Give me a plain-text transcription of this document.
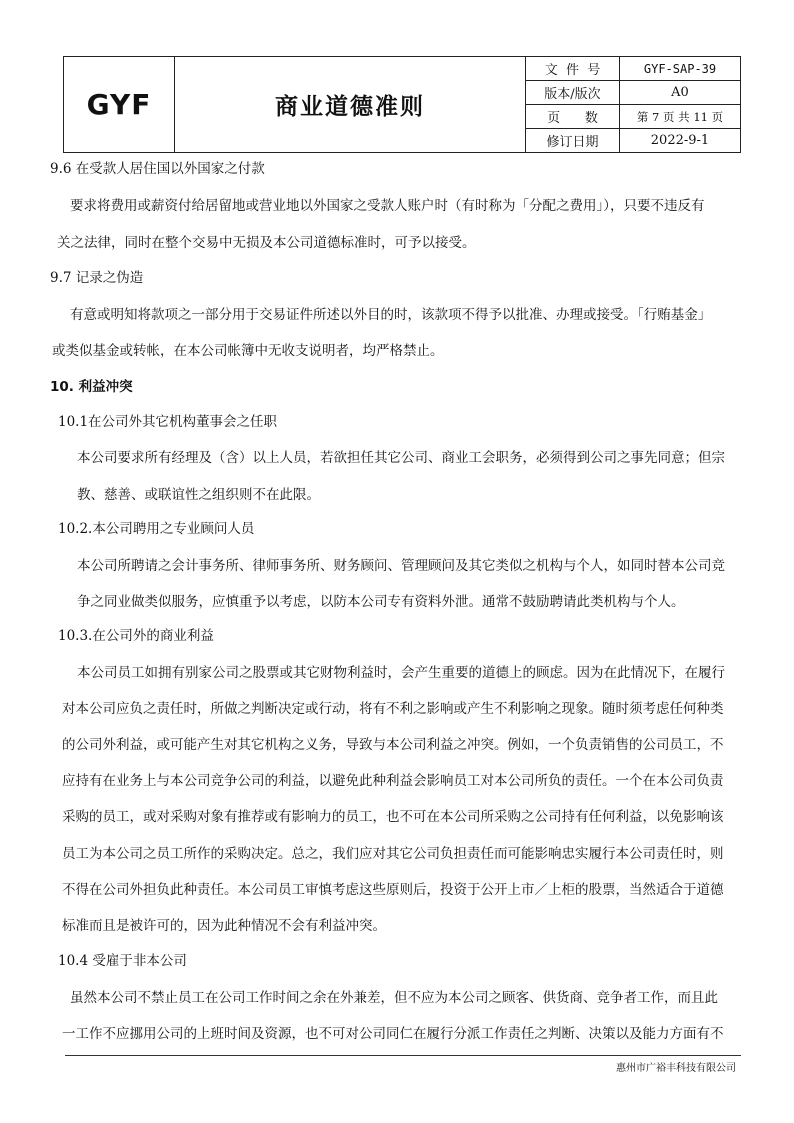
GYF	商业道德准则	文  件  号	GYF-SAP-39
		版本/版次	A0
		页      数	第 7 页 共 11 页
		修订日期	2022-9-1
9.6 在受款人居住国以外国家之付款
要求将费用或薪资付给居留地或营业地以外国家之受款人账户时（有时称为「分配之费用」），只要不违反有
关之法律，同时在整个交易中无损及本公司道德标准时，可予以接受。
9.7 记录之伪造
有意或明知将款项之一部分用于交易证件所述以外目的时，该款项不得予以批准、办理或接受。「行贿基金」
或类似基金或转帐，在本公司帐簿中无收支说明者，均严格禁止。
10. 利益冲突
10.1在公司外其它机构董事会之任职
本公司要求所有经理及（含）以上人员，若欲担任其它公司、商业工会职务，必须得到公司之事先同意；但宗
教、慈善、或联谊性之组织则不在此限。
10.2.本公司聘用之专业顾问人员
本公司所聘请之会计事务所、律师事务所、财务顾问、管理顾问及其它类似之机构与个人，如同时替本公司竞
争之同业做类似服务，应慎重予以考虑，以防本公司专有资料外泄。通常不鼓励聘请此类机构与个人。
10.3.在公司外的商业利益
本公司员工如拥有别家公司之股票或其它财物利益时，会产生重要的道德上的顾虑。因为在此情况下，在履行
对本公司应负之责任时，所做之判断决定或行动，将有不利之影响或产生不利影响之现象。随时须考虑任何种类
的公司外利益，或可能产生对其它机构之义务，导致与本公司利益之冲突。例如，一个负责销售的公司员工，不
应持有在业务上与本公司竞争公司的利益，以避免此种利益会影响员工对本公司所负的责任。一个在本公司负责
采购的员工，或对采购对象有推荐或有影响力的员工，也不可在本公司所采购之公司持有任何利益，以免影响该
员工为本公司之员工所作的采购决定。总之，我们应对其它公司负担责任而可能影响忠实履行本公司责任时，则
不得在公司外担负此种责任。本公司员工审慎考虑这些原则后，投资于公开上市／上柜的股票，当然适合于道德
标准而且是被许可的，因为此种情况不会有利益冲突。
10.4 受雇于非本公司
虽然本公司不禁止员工在公司工作时间之余在外兼差，但不应为本公司之顾客、供货商、竞争者工作，而且此
一工作不应挪用公司的上班时间及资源，也不可对公司同仁在履行分派工作责任之判断、决策以及能力方面有不
惠州市广裕丰科技有限公司
